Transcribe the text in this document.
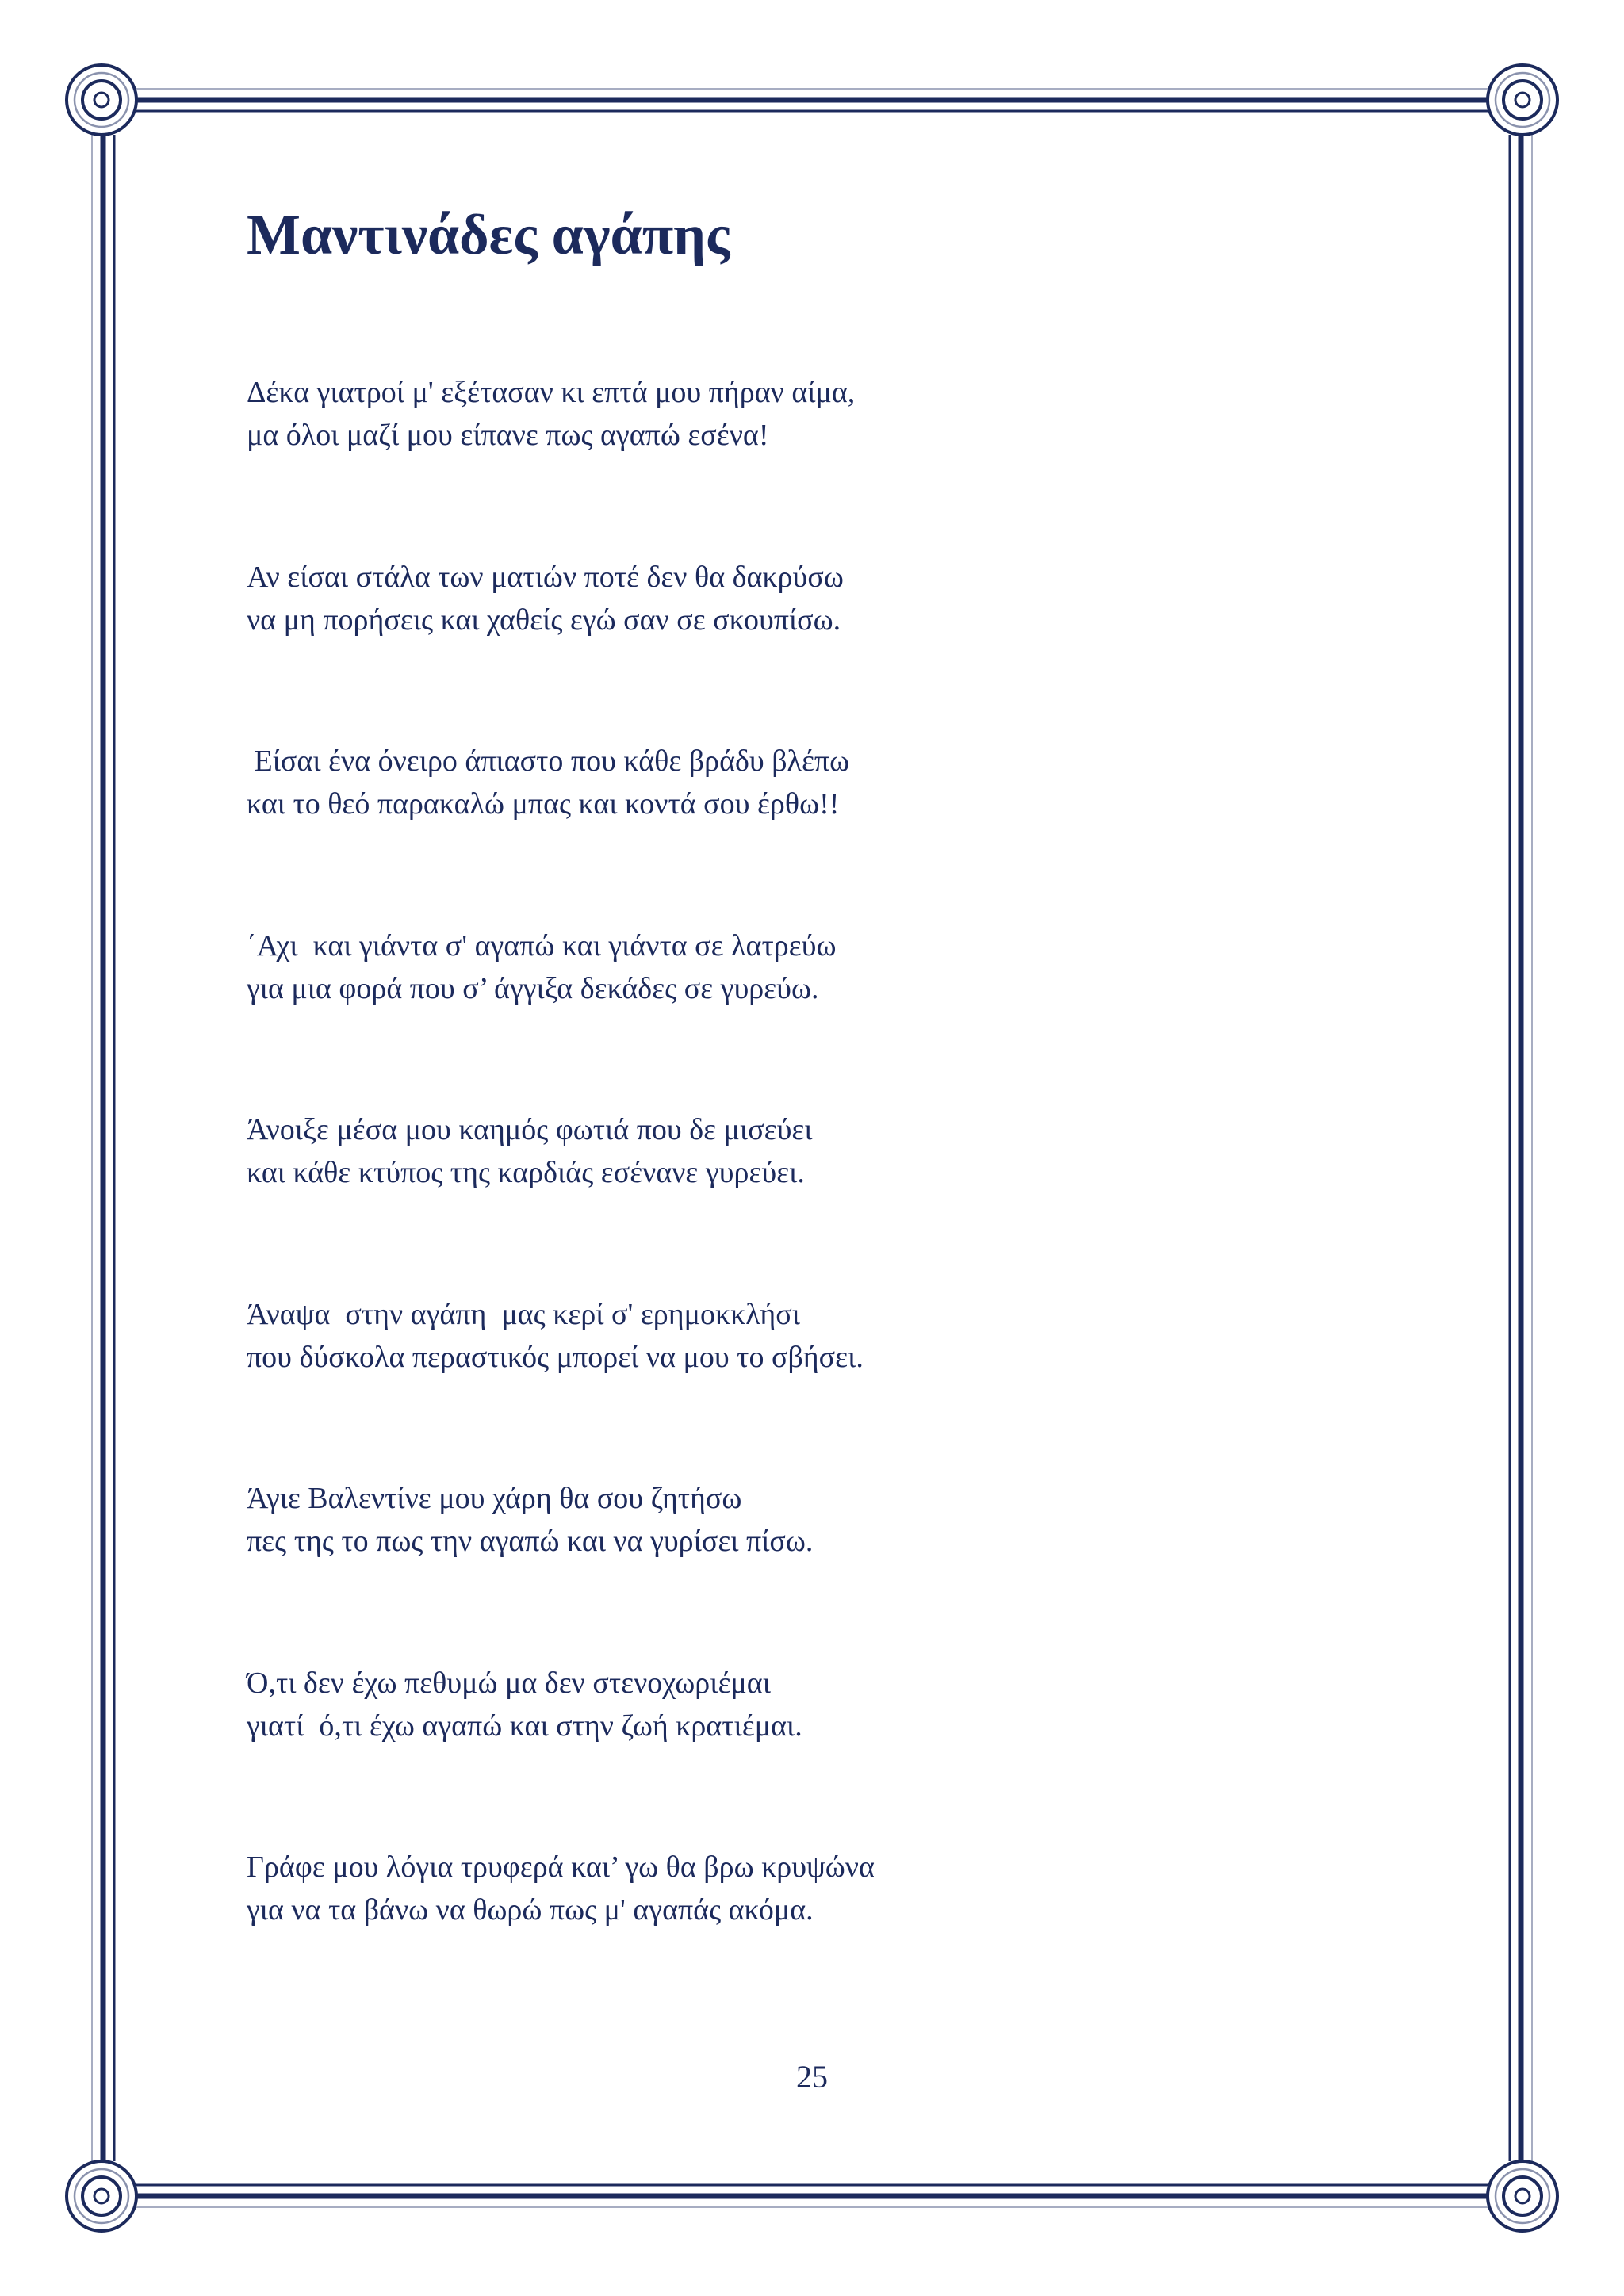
Μαντινάδες αγάπης
Δέκα γιατροί μ' εξέτασαν κι επτά μου πήραν αίμα,
μα όλοι μαζί μου είπανε πως αγαπώ εσένα!
Αν είσαι στάλα των ματιών ποτέ δεν θα δακρύσω
να μη πορήσεις και χαθείς εγώ σαν σε σκουπίσω.
Είσαι ένα όνειρο άπιαστο που κάθε βράδυ βλέπω
και το θεό παρακαλώ μπας και κοντά σου έρθω!!
΄Αχι  και γιάντα σ' αγαπώ και γιάντα σε λατρεύω
για μια φορά που σ’ άγγιξα δεκάδες σε γυρεύω.
Άνοιξε μέσα μου καημός φωτιά που δε μισεύει
και κάθε κτύπος της καρδιάς εσένανε γυρεύει.
Άναψα  στην αγάπη  μας κερί σ' ερημοκκλήσι
που δύσκολα περαστικός μπορεί να μου το σβήσει.
Άγιε Βαλεντίνε μου χάρη θα σου ζητήσω
πες της το πως την αγαπώ και να γυρίσει πίσω.
Ό,τι δεν έχω πεθυμώ μα δεν στενοχωριέμαι
γιατί  ό,τι έχω αγαπώ και στην ζωή κρατιέμαι.
Γράφε μου λόγια τρυφερά και’ γω θα βρω κρυψώνα
για να τα βάνω να θωρώ πως μ' αγαπάς ακόμα.
25
